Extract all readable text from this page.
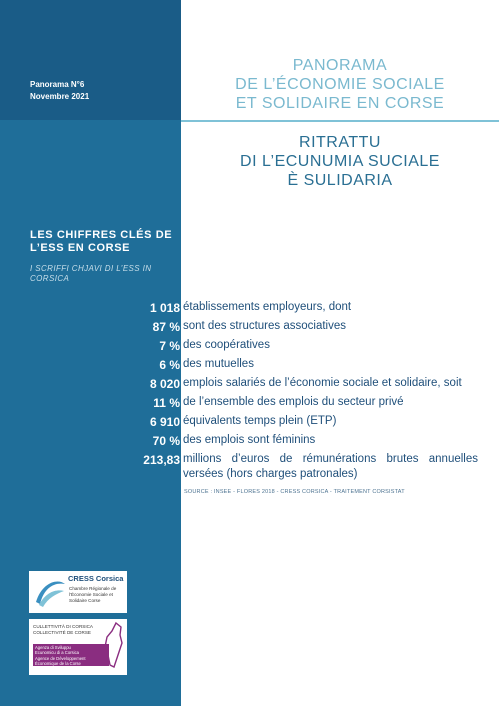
Panorama N°6
Novembre 2021
PANORAMA
DE L’ÉCONOMIE SOCIALE
ET SOLIDAIRE EN CORSE
RITRATTU
DI L’ECUNUMIA SUCIALE
È SULIDARIA
LES CHIFFRES CLÉS DE
L’ESS EN CORSE
I SCRIFFI CHJAVI DI L’ESS IN
CORSICA
1 018 établissements employeurs, dont
87 % sont des structures associatives
7 % des coopératives
6 % des mutuelles
8 020 emplois salariés de l’économie sociale et solidaire, soit
11 % de l’ensemble des emplois du secteur privé
6 910 équivalents temps plein (ETP)
70 % des emplois sont féminins
213,83 millions d’euros de rémunérations brutes annuelles versées (hors charges patronales)
SOURCE : INSEE - FLORES 2018 - CRESS CORSICA - TRAITEMENT CORSISTAT
CRESS Corsica
Chambre Régionale de
l’Économie Sociale et
Solidaire Corse
CULLETTIVITÀ DI CORSICA
COLLECTIVITÉ DE CORSE
Agenza di Sviluppu
Ecunomicu di a Corsica
Agence de Développement
Économique de la Corse
